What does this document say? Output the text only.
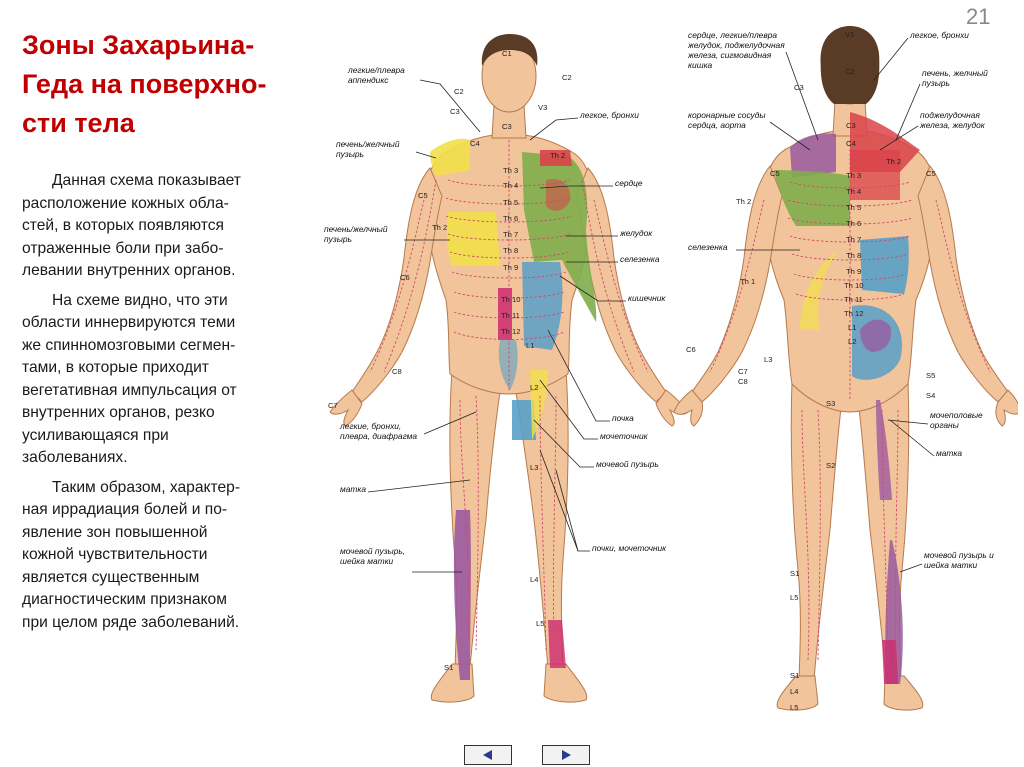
21
Зоны Захарьина-
Геда на поверхно-
сти тела

Данная схема показывает
расположение кожных обла-
стей, в которых появляются
отраженные боли при забо-
левании внутренних органов.

На схеме видно, что эти
области иннервируются теми
же спинномозговыми сегмен-
тами, в которые приходит
вегетативная импульсация от
внутренних органов, резко
усиливающаяся при
заболеваниях.

Таким образом, характер-
ная иррадиация болей и по-
явление зон повышенной
кожной чувствительности
является существенным
диагностическим признаком
при целом ряде заболеваний.

легкие/плевра
аппендикс
легкое, бронхи
печень/желчный
пузырь
сердце
печень/желчный
пузырь
желудок
селезенка
кишечник
почка
мочеточник
легкие, бронхи,
плевра, диафрагма
мочевой пузырь
матка
почки, мочеточник
мочевой пузырь,
шейка матки
C1
C2
C2
C3	V3
C3
C4
Th 2
Th 3
Th 4
Th 5
Th 6
Th 7
Th 8
Th 9
Th 10
Th 11
Th 12
C5
Th 2
C6
C8
C7
L1
L2
L3
L4
L5
S1
сердце, легкие/плевра
желудок, поджелудочная
железа, сигмовидная
кишка
легкое, бронхи
печень, желчный
пузырь
коронарные сосуды
сердца, аорта
поджелудочная
железа, желудок
селезенка
мочеполовые
органы
матка
мочевой пузырь и
шейка матки
V1
C2
C3
C3
C4
C5	C5
Th 2
Th 2
Th 3
Th 4
Th 5
Th 6
Th 7
Th 8
Th 9
Th 10
Th 11
Th 12
Th 1
L1
L2
L3
C6
C7
C8
S5
S4
S3
S2
S1
L5
S1
L4
L5
